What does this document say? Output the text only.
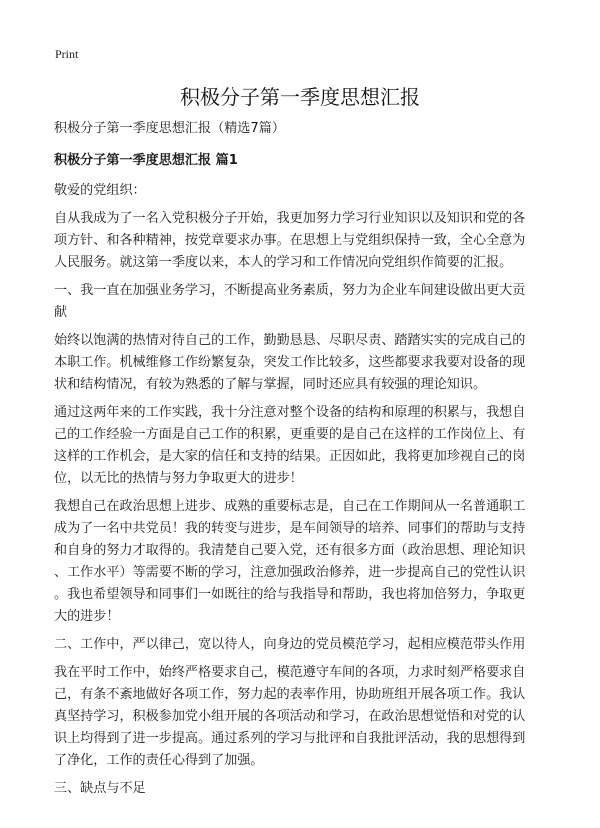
Print
积极分子第一季度思想汇报
积极分子第一季度思想汇报（精选7篇）
积极分子第一季度思想汇报 篇1
敬爱的党组织：
自从我成为了一名入党积极分子开始，我更加努力学习行业知识以及知识和党的各
项方针、和各种精神，按党章要求办事。在思想上与党组织保持一致，全心全意为
人民服务。就这第一季度以来，本人的学习和工作情况向党组织作简要的汇报。
一、我一直在加强业务学习，不断提高业务素质，努力为企业车间建设做出更大贡
献
始终以饱满的热情对待自己的工作，勤勤恳恳、尽职尽责、踏踏实实的完成自己的
本职工作。机械维修工作纷繁复杂，突发工作比较多，这些都要求我要对设备的现
状和结构情况，有较为熟悉的了解与掌握，同时还应具有较强的理论知识。
通过这两年来的工作实践，我十分注意对整个设备的结构和原理的积累与，我想自
己的工作经验一方面是自己工作的积累，更重要的是自己在这样的工作岗位上、有
这样的工作机会，是大家的信任和支持的结果。正因如此，我将更加珍视自己的岗
位，以无比的热情与努力争取更大的进步！
我想自己在政治思想上进步、成熟的重要标志是，自己在工作期间从一名普通职工
成为了一名中共党员！我的转变与进步，是车间领导的培养、同事们的帮助与支持
和自身的努力才取得的。我清楚自己要入党，还有很多方面（政治思想、理论知识
、工作水平）等需要不断的学习，注意加强政治修养，进一步提高自己的党性认识
。我也希望领导和同事们一如既往的给与我指导和帮助，我也将加倍努力，争取更
大的进步！
二、工作中，严以律己，宽以待人，向身边的党员模范学习，起相应模范带头作用
我在平时工作中，始终严格要求自己，模范遵守车间的各项，力求时刻严格要求自
己，有条不紊地做好各项工作，努力起的表率作用，协助班组开展各项工作。我认
真坚持学习，积极参加党小组开展的各项活动和学习，在政治思想觉悟和对党的认
识上均得到了进一步提高。通过系列的学习与批评和自我批评活动，我的思想得到
了净化，工作的责任心得到了加强。
三、缺点与不足
